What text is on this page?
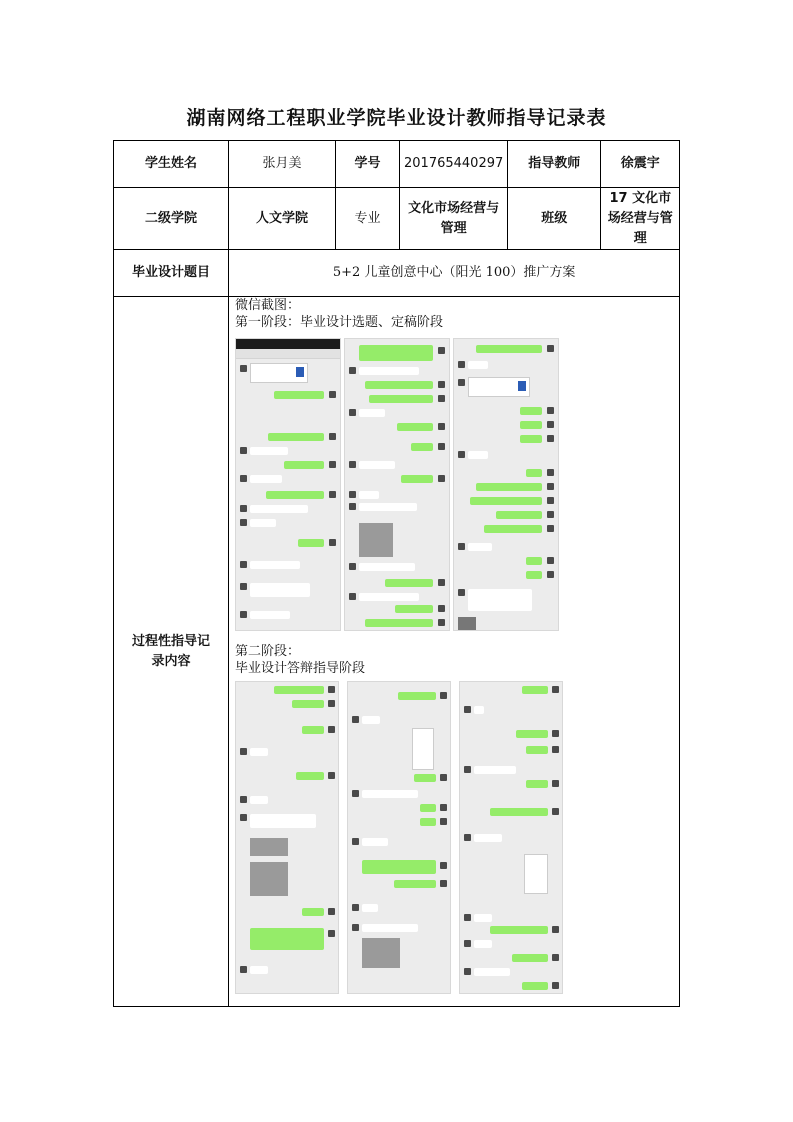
湖南网络工程职业学院毕业设计教师指导记录表
学生姓名	张月美	学号	201765440297	指导教师	徐震宇
二级学院	人文学院	专业	文化市场经营与管理	班级	17 文化市场经营与管理
毕业设计题目	5+2 儿童创意中心（阳光 100）推广方案				

过程性指导记录内容	微信截图：
第一阶段：毕业设计选题、定稿阶段
第二阶段：
毕业设计答辩指导阶段				
